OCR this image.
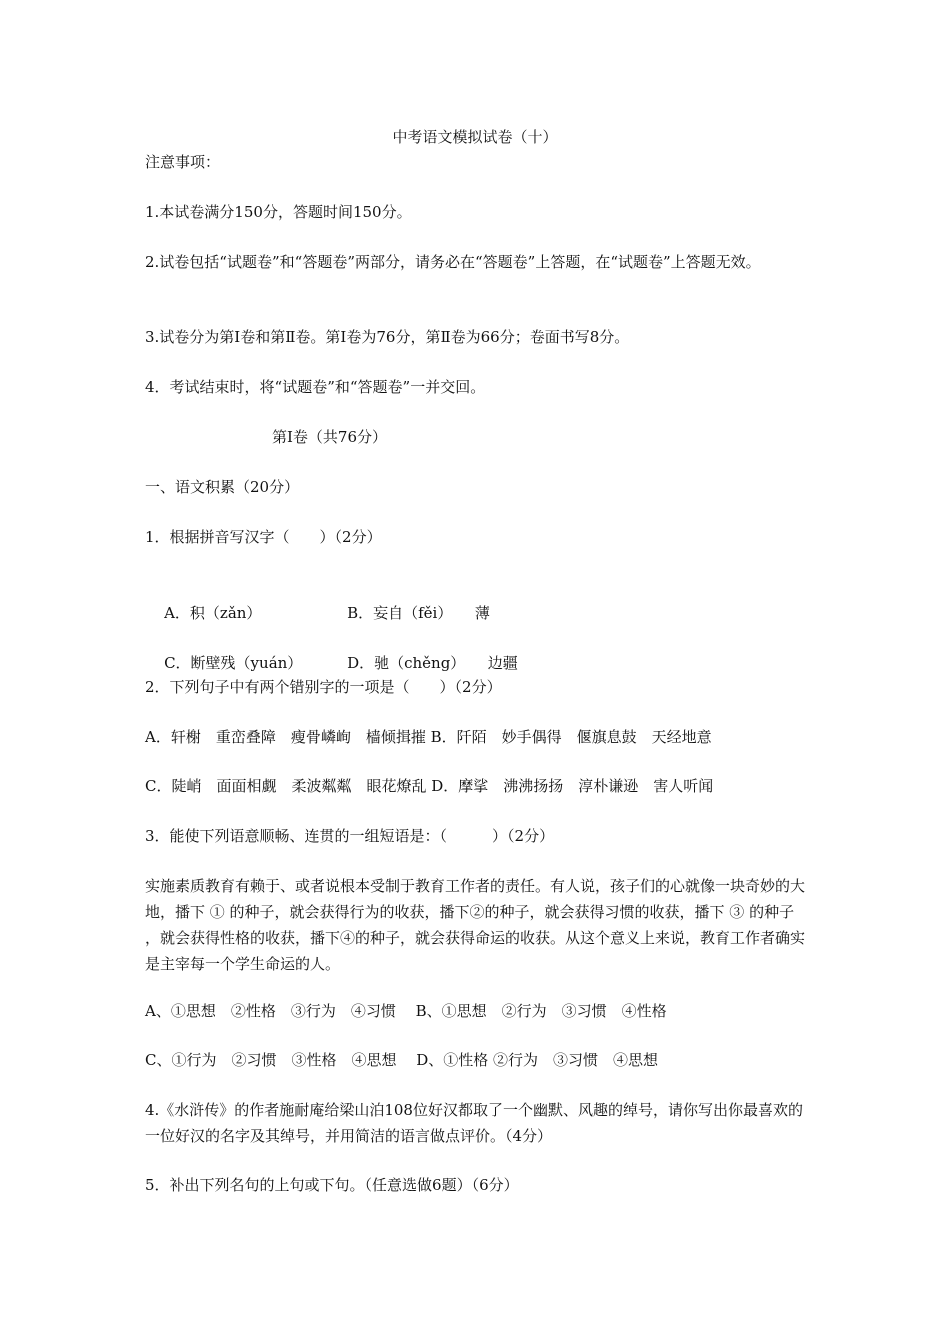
中考语文模拟试卷（十）
注意事项：
1.本试卷满分150分，答题时间150分。
2.试卷包括“试题卷”和“答题卷”两部分，请务必在“答题卷”上答题，在“试题卷”上答题无效。
3.试卷分为第Ⅰ卷和第Ⅱ卷。第Ⅰ卷为76分，第Ⅱ卷为66分；卷面书写8分。
4．考试结束时，将“试题卷”和“答题卷”一并交回。
第Ⅰ卷（共76分）
一、语文积累（20分）
1．根据拼音写汉字（　　）（2分）

A．积（zǎn）	B．妄自（fěi）　　薄

C．断壁残（yuán）	D．驰（chěng）　　边疆

2．下列句子中有两个错别字的一项是（　　）（2分）
A．轩榭　重峦叠障　瘦骨嶙峋　樯倾揖摧 B．阡陌　妙手偶得　偃旗息鼓　天经地意
C．陡峭　面面相觑　柔波粼粼　眼花燎乱 D．摩挲　沸沸扬扬　淳朴谦逊　害人听闻
3．能使下列语意顺畅、连贯的一组短语是：（　　　）（2分）
实施素质教育有赖于、或者说根本受制于教育工作者的责任。有人说，孩子们的心就像一块奇妙的大地，播下 ① 的种子，就会获得行为的收获，播下②的种子，就会获得习惯的收获，播下 ③ 的种子 ，就会获得性格的收获，播下④的种子，就会获得命运的收获。从这个意义上来说，教育工作者确实是主宰每一个学生命运的人。
A、①思想　②性格　③行为　④习惯　 B、①思想　②行为　③习惯　④性格
C、①行为　②习惯　③性格　④思想　 D、①性格 ②行为　③习惯　④思想
4.《水浒传》的作者施耐庵给梁山泊108位好汉都取了一个幽默、风趣的绰号，请你写出你最喜欢的一位好汉的名字及其绰号，并用简洁的语言做点评价。（4分）
5．补出下列名句的上句或下句。（任意选做6题）（6分）
